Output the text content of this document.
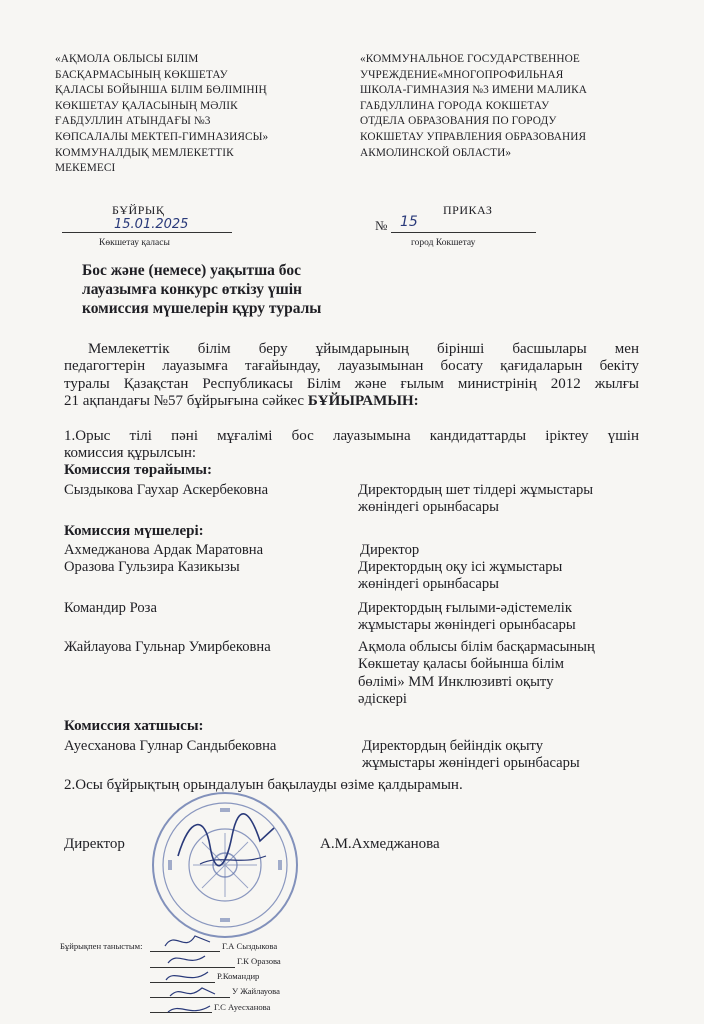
«АҚМОЛА ОБЛЫСЫ БІЛІМ
БАСҚАРМАСЫНЫҢ КӨКШЕТАУ
ҚАЛАСЫ БОЙЫНША БІЛІМ БӨЛІМІНІҢ
КӨКШЕТАУ ҚАЛАСЫНЫҢ МӘЛІК
ҒАБДУЛЛИН АТЫНДАҒЫ №3
КӨПСАЛАЛЫ МЕКТЕП-ГИМНАЗИЯСЫ»
КОММУНАЛДЫҚ МЕМЛЕКЕТТІК
МЕКЕМЕСІ
«КОММУНАЛЬНОЕ ГОСУДАРСТВЕННОЕ
УЧРЕЖДЕНИЕ«МНОГОПРОФИЛЬНАЯ
ШКОЛА-ГИМНАЗИЯ №3 ИМЕНИ МАЛИКА
ГАБДУЛЛИНА ГОРОДА КОКШЕТАУ
ОТДЕЛА ОБРАЗОВАНИЯ ПО ГОРОДУ
КОКШЕТАУ УПРАВЛЕНИЯ ОБРАЗОВАНИЯ
АКМОЛИНСКОЙ ОБЛАСТИ»
БҰЙРЫҚ	ПРИКАЗ
15.01.2025	№ 15
Көкшетау қаласы	город Кокшетау
Бос және (немесе) уақытша бос
лауазымға конкурс өткізу үшін
комиссия мүшелерін құру туралы
Мемлекеттік білім беру ұйымдарының бірінші басшылары мен
педагогтерін лауазымға тағайындау, лауазымынан босату қағидаларын бекіту
туралы Қазақстан Республикасы Білім және ғылым министрінің 2012 жылғы
21 ақпандағы №57 бұйрығына сәйкес БҰЙЫРАМЫН:
1.Орыс тілі пәні мұғалімі бос лауазымына кандидаттарды іріктеу үшін
комиссия құрылсын:
Комиссия төрайымы:
Сыздыкова Гаухар Аскербековна	Директордың шет тілдері жұмыстары
жөніндегі орынбасары
Комиссия мүшелері:
Ахмеджанова Ардак Маратовна	Директор
Оразова Гульзира Казикызы	Директордың оқу ісі жұмыстары
жөніндегі орынбасары
Командир Роза	Директордың ғылыми-әдістемелік
жұмыстары жөніндегі орынбасары
Жайлауова Гульнар Умирбековна	Ақмола облысы білім басқармасының
Көкшетау қаласы бойынша білім
бөлімі» ММ Инклюзивті оқыту
әдіскері
Комиссия хатшысы:
Ауесханова Гулнар Сандыбековна	Директордың бейіндік оқыту
жұмыстары жөніндегі орынбасары
2.Осы бұйрықтың орындалуын бақылауды өзіме қалдырамын.
Директор	А.М.Ахмеджанова
Бұйрықпен таныстым:	Г.А Сыздыкова
Г.К Оразова
Р.Командир
У Жайлауова
Г.С Ауесханова
